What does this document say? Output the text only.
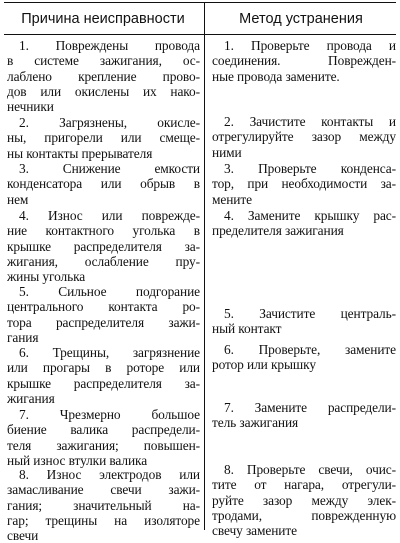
Причина неисправности	Метод устранения
1. Повреждены провода
в системе зажигания, ос-
лаблено крепление прово-
дов или окислены их нако-
нечники
1. Проверьте провода и
соединения. Поврежден-
ные провода замените.
2. Загрязнены, окисле-
ны, пригорели или смеще-
ны контакты прерывателя
2. Зачистите контакты и
отрегулируйте зазор между
ними
3. Снижение емкости
конденсатора или обрыв в
нем
3. Проверьте конденса-
тор, при необходимости за-
мените
4. Износ или поврежде-
ние контактного уголька в
крышке распределителя за-
жигания, ослабление пру-
жины уголька
4. Замените крышку рас-
пределителя зажигания
5. Сильное подгорание
центрального контакта ро-
тора распределителя зажи-
гания
5. Зачистите централь-
ный контакт
6. Трещины, загрязнение
или прогары в роторе или
крышке распределителя за-
жигания
6. Проверьте, замените
ротор или крышку
7. Чрезмерно большое
биение валика распредели-
теля зажигания; повышен-
ный износ втулки валика
7. Замените распредели-
тель зажигания
8. Износ электродов или
замасливание свечи зажи-
гания; значительный на-
гар; трещины на изоляторе
свечи
8. Проверьте свечи, очис-
тите от нагара, отрегули-
руйте зазор между элек-
тродами, поврежденную
свечу замените
